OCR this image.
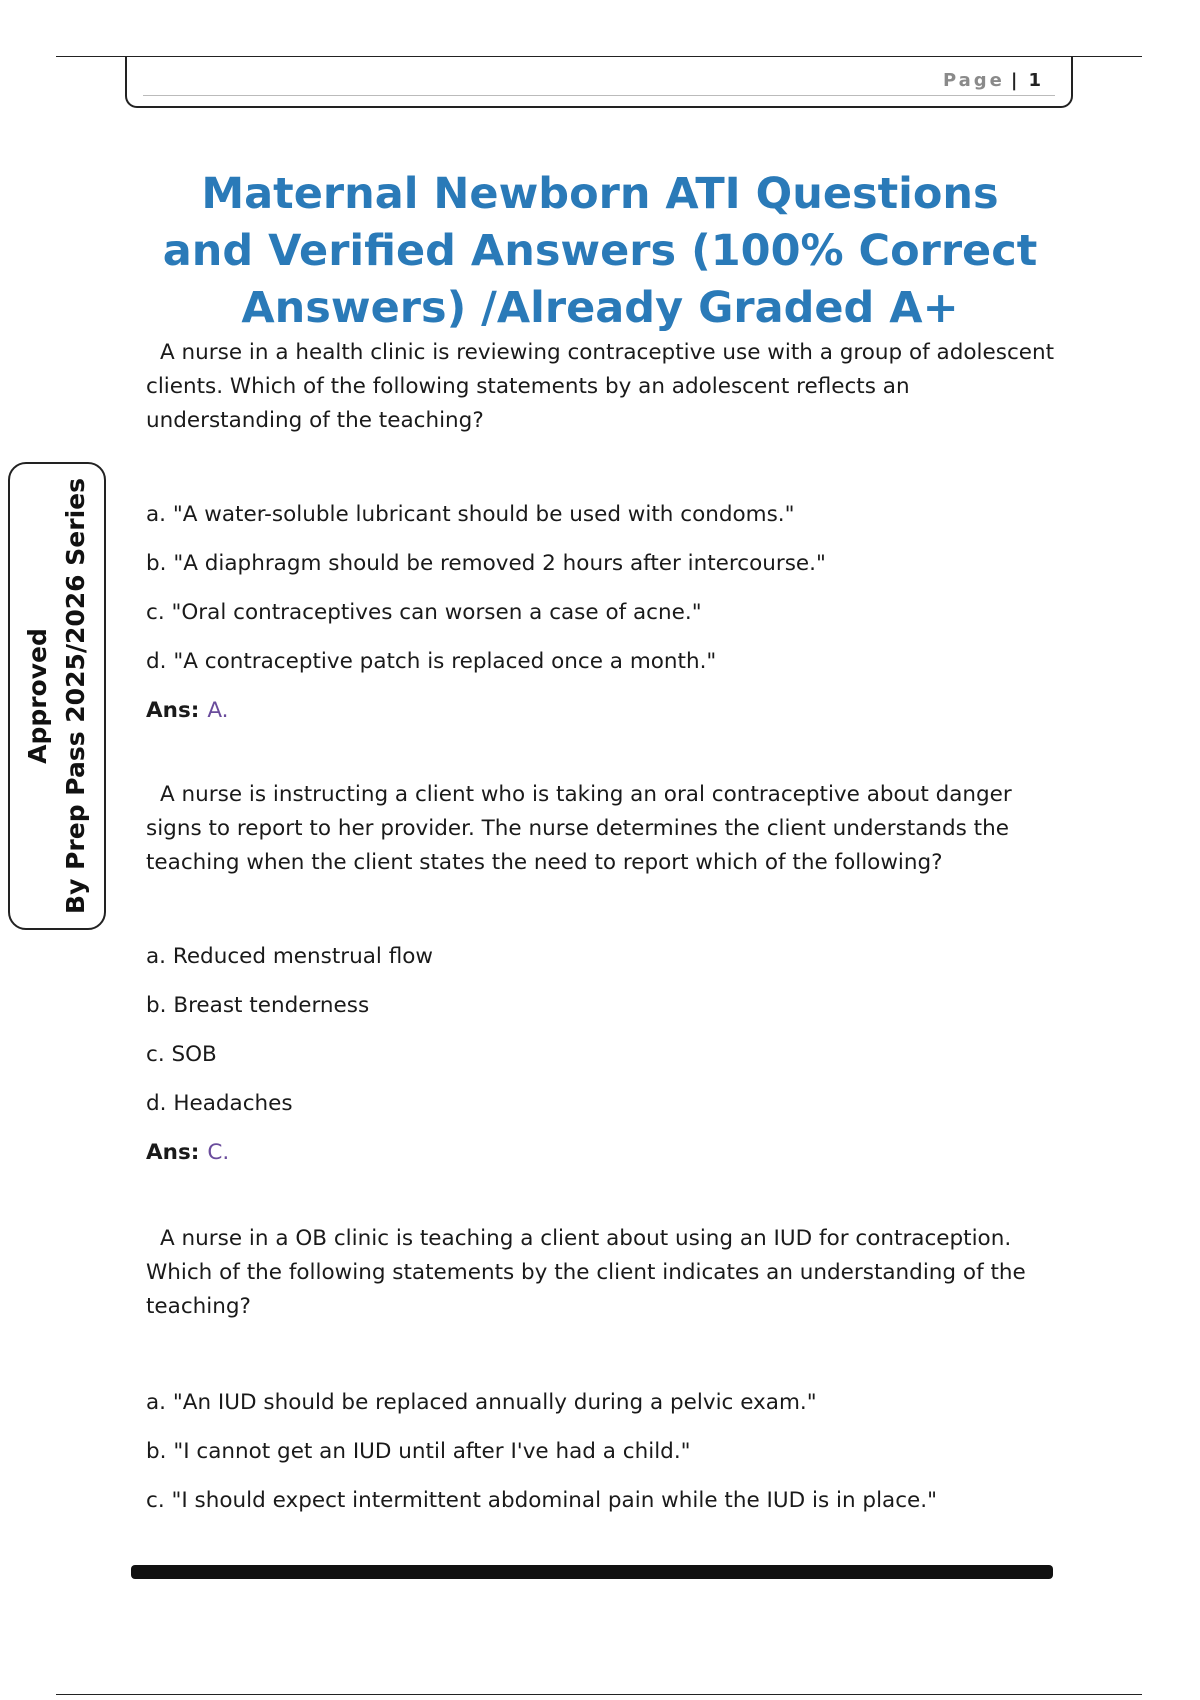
Page | 1
Maternal Newborn ATI Questions and Verified Answers (100% Correct Answers) /Already Graded A+
Approved By Prep Pass 2025/2026 Series

A nurse in a health clinic is reviewing contraceptive use with a group of adolescent clients. Which of the following statements by an adolescent reflects an understanding of the teaching?

a. "A water-soluble lubricant should be used with condoms."
b. "A diaphragm should be removed 2 hours after intercourse."
c. "Oral contraceptives can worsen a case of acne."
d. "A contraceptive patch is replaced once a month."

Ans: A.

A nurse is instructing a client who is taking an oral contraceptive about danger signs to report to her provider. The nurse determines the client understands the teaching when the client states the need to report which of the following?

a. Reduced menstrual flow
b. Breast tenderness
c. SOB
d. Headaches

Ans: C.

A nurse in a OB clinic is teaching a client about using an IUD for contraception. Which of the following statements by the client indicates an understanding of the teaching?

a. "An IUD should be replaced annually during a pelvic exam."
b. "I cannot get an IUD until after I've had a child."
c. "I should expect intermittent abdominal pain while the IUD is in place."
